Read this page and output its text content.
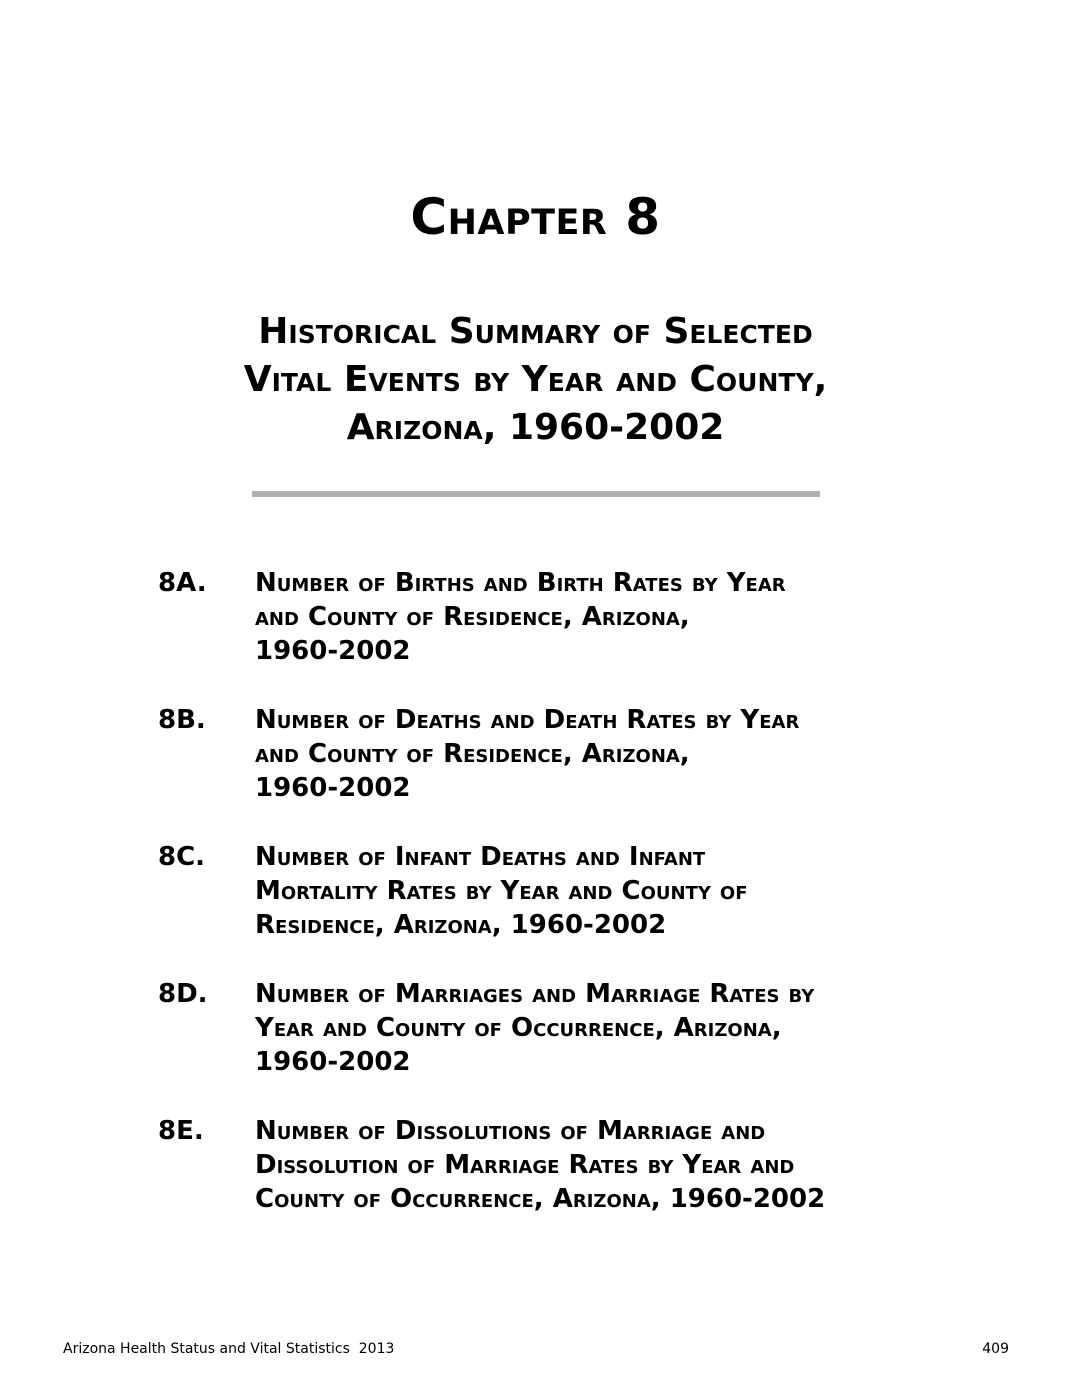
Chapter 8
Historical Summary of Selected
Vital Events by Year and County,
Arizona, 1960-2002
8A. Number of Births and Birth Rates by Year
and County of Residence, Arizona,
1960-2002
8B. Number of Deaths and Death Rates by Year
and County of Residence, Arizona,
1960-2002
8C. Number of Infant Deaths and Infant
Mortality Rates by Year and County of
Residence, Arizona, 1960-2002
8D. Number of Marriages and Marriage Rates by
Year and County of Occurrence, Arizona,
1960-2002
8E. Number of Dissolutions of Marriage and
Dissolution of Marriage Rates by Year and
County of Occurrence, Arizona, 1960-2002
Arizona Health Status and Vital Statistics  2013	409
